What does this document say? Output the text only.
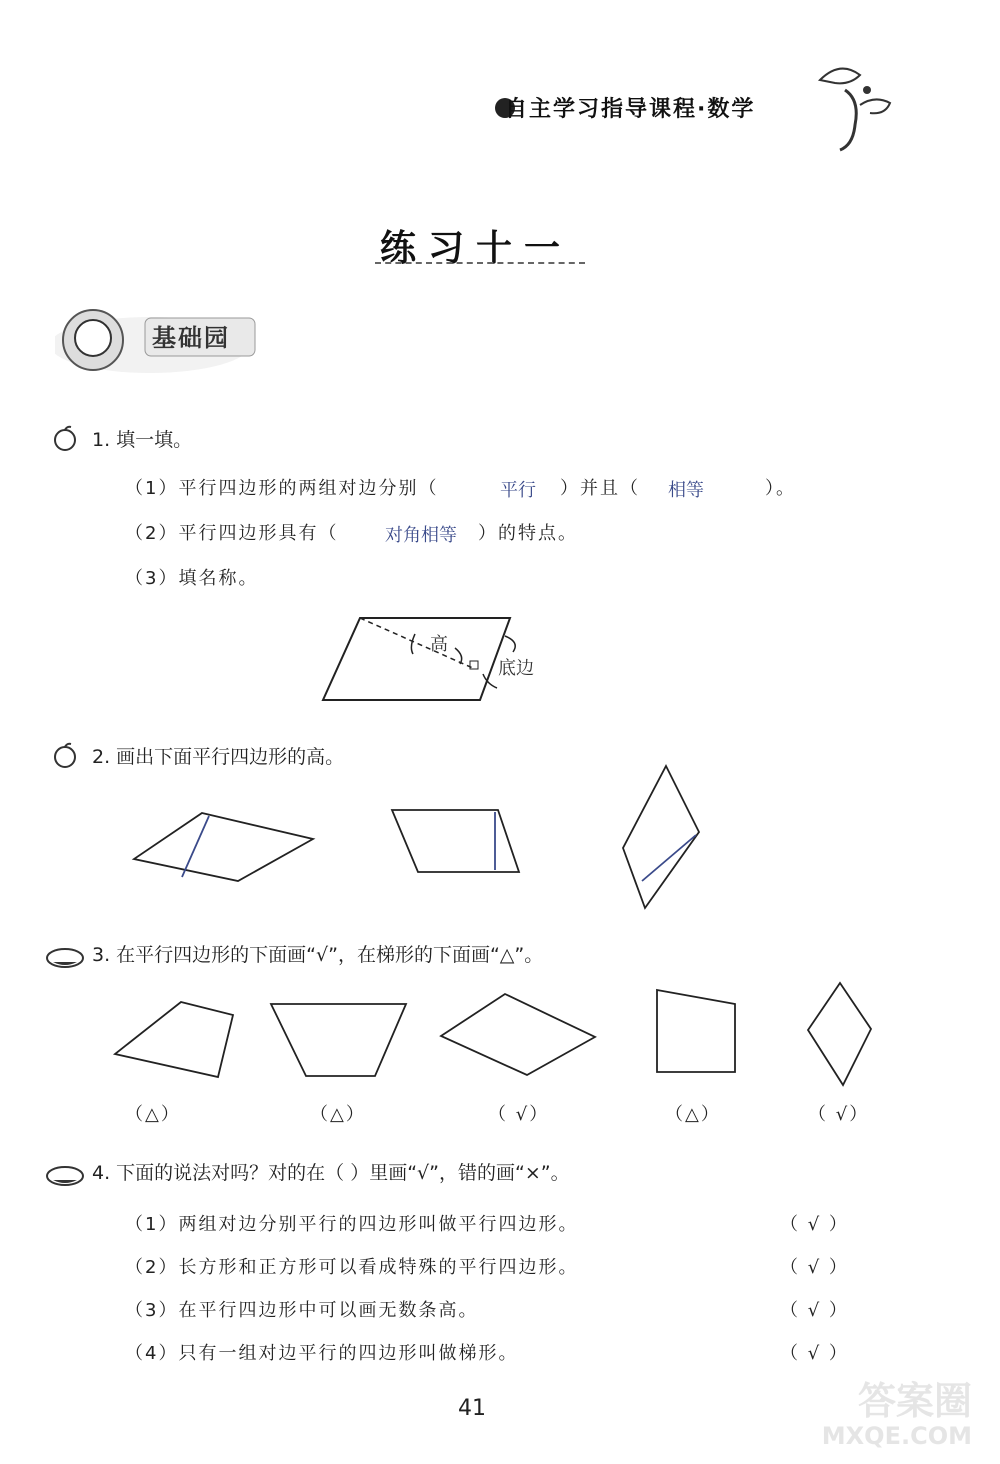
自主学习指导课程·数学
练习十一
基础园
1. 填一填。
（1）平行四边形的两组对边分别（	平行 ）并且（ 相等	）。
（2）平行四边形具有（	对角相等 ）的特点。
（3）填名称。
高
底边
2. 画出下面平行四边形的高。
3. 在平行四边形的下面画“√”，在梯形的下面画“△”。
（△）	（△）	（ √）	（△）	（ √）
4. 下面的说法对吗？对的在（ ）里画“√”，错的画“×”。
（1）两组对边分别平行的四边形叫做平行四边形。	（ √ ）
（2）长方形和正方形可以看成特殊的平行四边形。	（ √ ）
（3）在平行四边形中可以画无数条高。	（ √ ）
（4）只有一组对边平行的四边形叫做梯形。	（ √ ）
41	答案圈
MXQE.COM
